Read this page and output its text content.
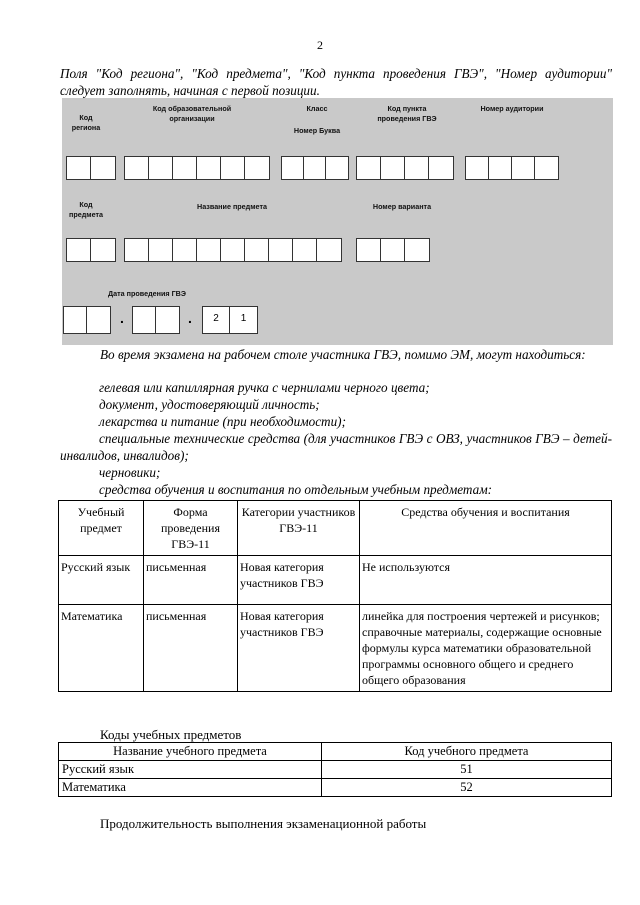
2
Поля "Код региона", "Код предмета", "Код пункта проведения ГВЭ", "Номер аудитории" следует заполнять, начиная с первой позиции.
Код
региона
Код образовательной
организации
Класс
Номер Буква
Код пункта
проведения ГВЭ
Номер аудитории
Код
предмета
Название предмета	Номер варианта
Дата проведения ГВЭ
.	.	2	1
Во время экзамена на рабочем столе участника ГВЭ, помимо ЭМ, могут находиться:
гелевая или капиллярная ручка с чернилами черного цвета;
документ, удостоверяющий личность;
лекарства и питание (при необходимости);
специальные технические средства (для участников ГВЭ с ОВЗ, участников ГВЭ – детей-инвалидов, инвалидов);
черновики;
средства обучения и воспитания по отдельным учебным предметам:
Учебный предмет	Форма проведения ГВЭ-11	Категории участников ГВЭ-11	Средства обучения и воспитания
Русский язык	письменная	Новая категория участников ГВЭ	Не используются
Математика	письменная	Новая категория участников ГВЭ	линейка для построения чертежей и рисунков; справочные материалы, содержащие основные формулы курса математики образовательной программы основного общего и среднего общего образования
Коды учебных предметов
Название учебного предмета	Код учебного предмета
Русский язык	51
Математика	52
Продолжительность выполнения экзаменационной работы
